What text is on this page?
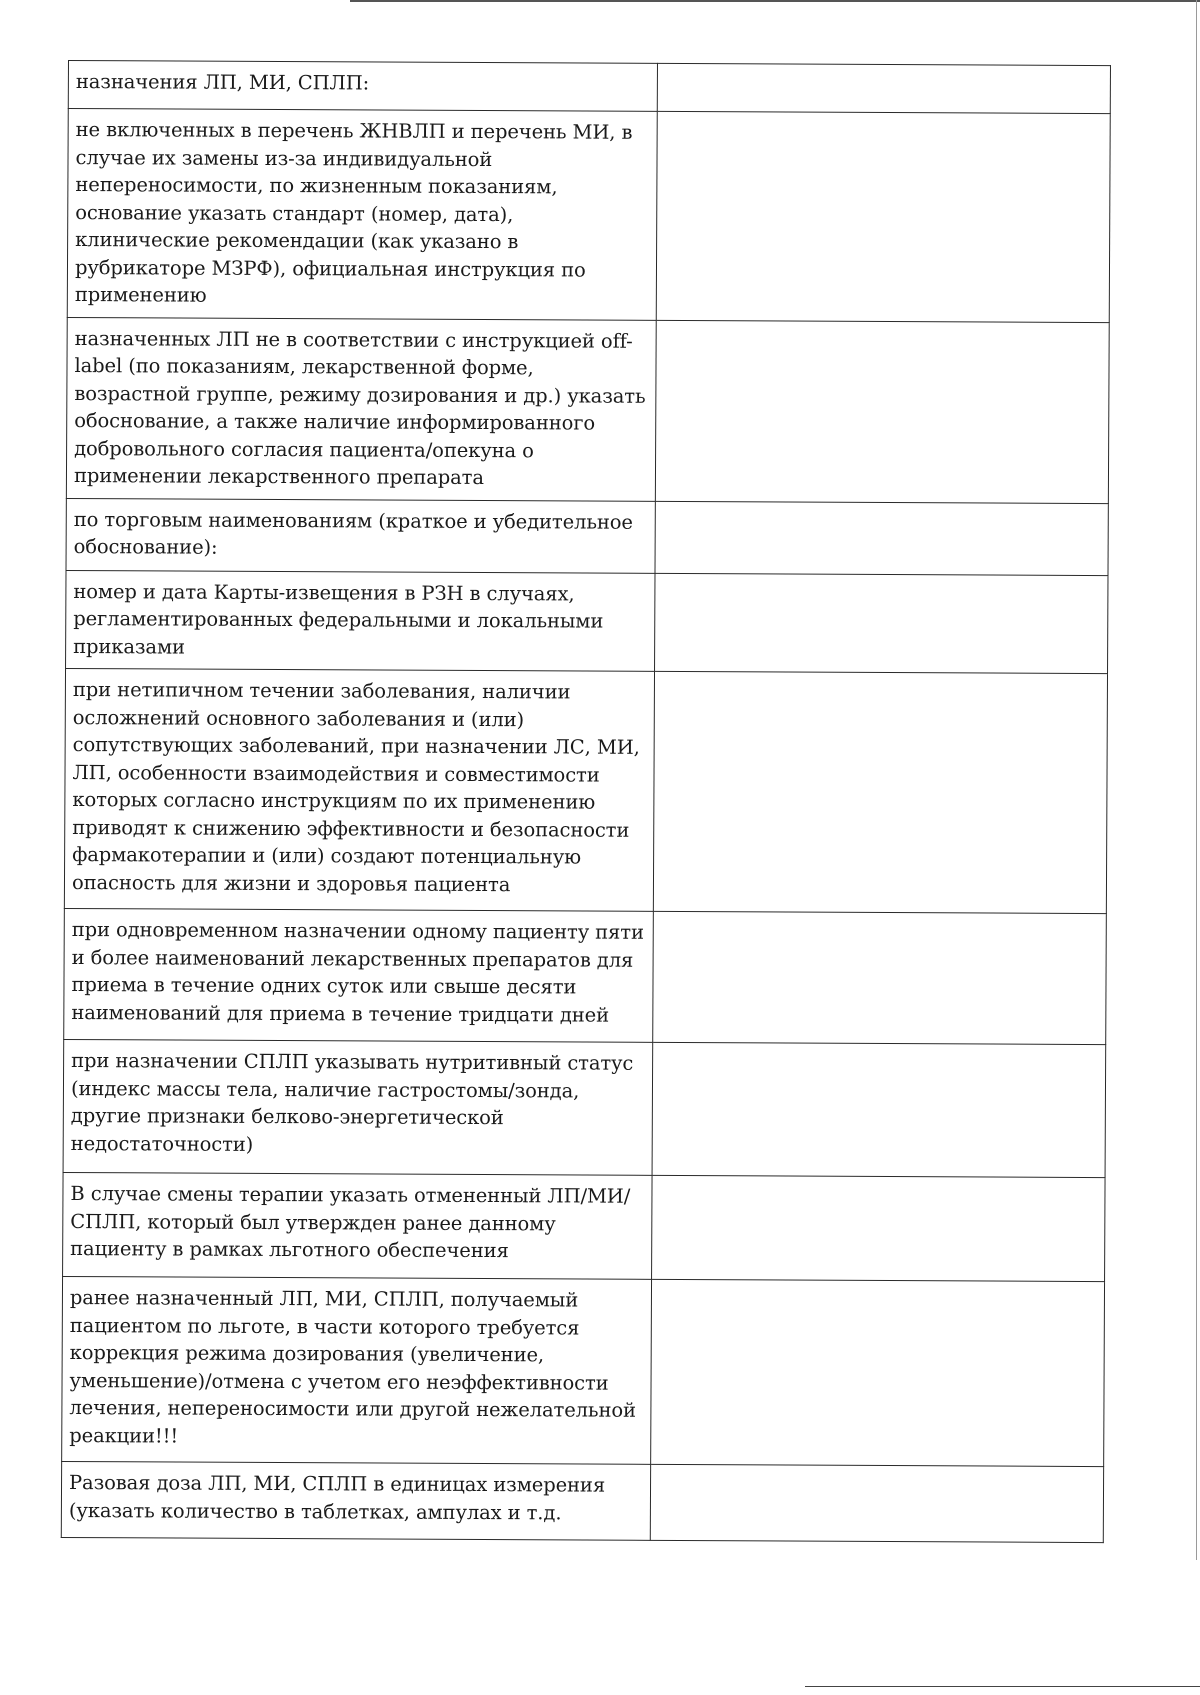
назначения ЛП, МИ, СПЛП:	
не включенных в перечень ЖНВЛП и перечень МИ, в случае их замены из-за индивидуальной непереносимости, по жизненным показаниям, основание указать стандарт (номер, дата), клинические рекомендации (как указано в рубрикаторе МЗРФ), официальная инструкция по применению	
назначенных ЛП не в соответствии с инструкцией off-label (по показаниям, лекарственной форме, возрастной группе, режиму дозирования и др.) указать обоснование, а также наличие информированного добровольного согласия пациента/опекуна о применении лекарственного препарата	
по торговым наименованиям (краткое и убедительное обоснование):	
номер и дата Карты-извещения в РЗН в случаях, регламентированных федеральными и локальными приказами	
при нетипичном течении заболевания, наличии осложнений основного заболевания и (или) сопутствующих заболеваний, при назначении ЛС, МИ, ЛП, особенности взаимодействия и совместимости которых согласно инструкциям по их применению приводят к снижению эффективности и безопасности фармакотерапии и (или) создают потенциальную опасность для жизни и здоровья пациента	
при одновременном назначении одному пациенту пяти и более наименований лекарственных препаратов для приема в течение одних суток или свыше десяти наименований для приема в течение тридцати дней	
при назначении СПЛП указывать нутритивный статус (индекс массы тела, наличие гастростомы/зонда, другие признаки белково-энергетической недостаточности)	
В случае смены терапии указать отмененный ЛП/МИ/СПЛП, который был утвержден ранее данному пациенту в рамках льготного обеспечения	
ранее назначенный ЛП, МИ, СПЛП, получаемый пациентом по льготе, в части которого требуется коррекция режима дозирования (увеличение, уменьшение)/отмена с учетом его неэффективности лечения, непереносимости или другой нежелательной реакции!!!	
Разовая доза ЛП, МИ, СПЛП в единицах измерения (указать количество в таблетках, ампулах и т.д.	
